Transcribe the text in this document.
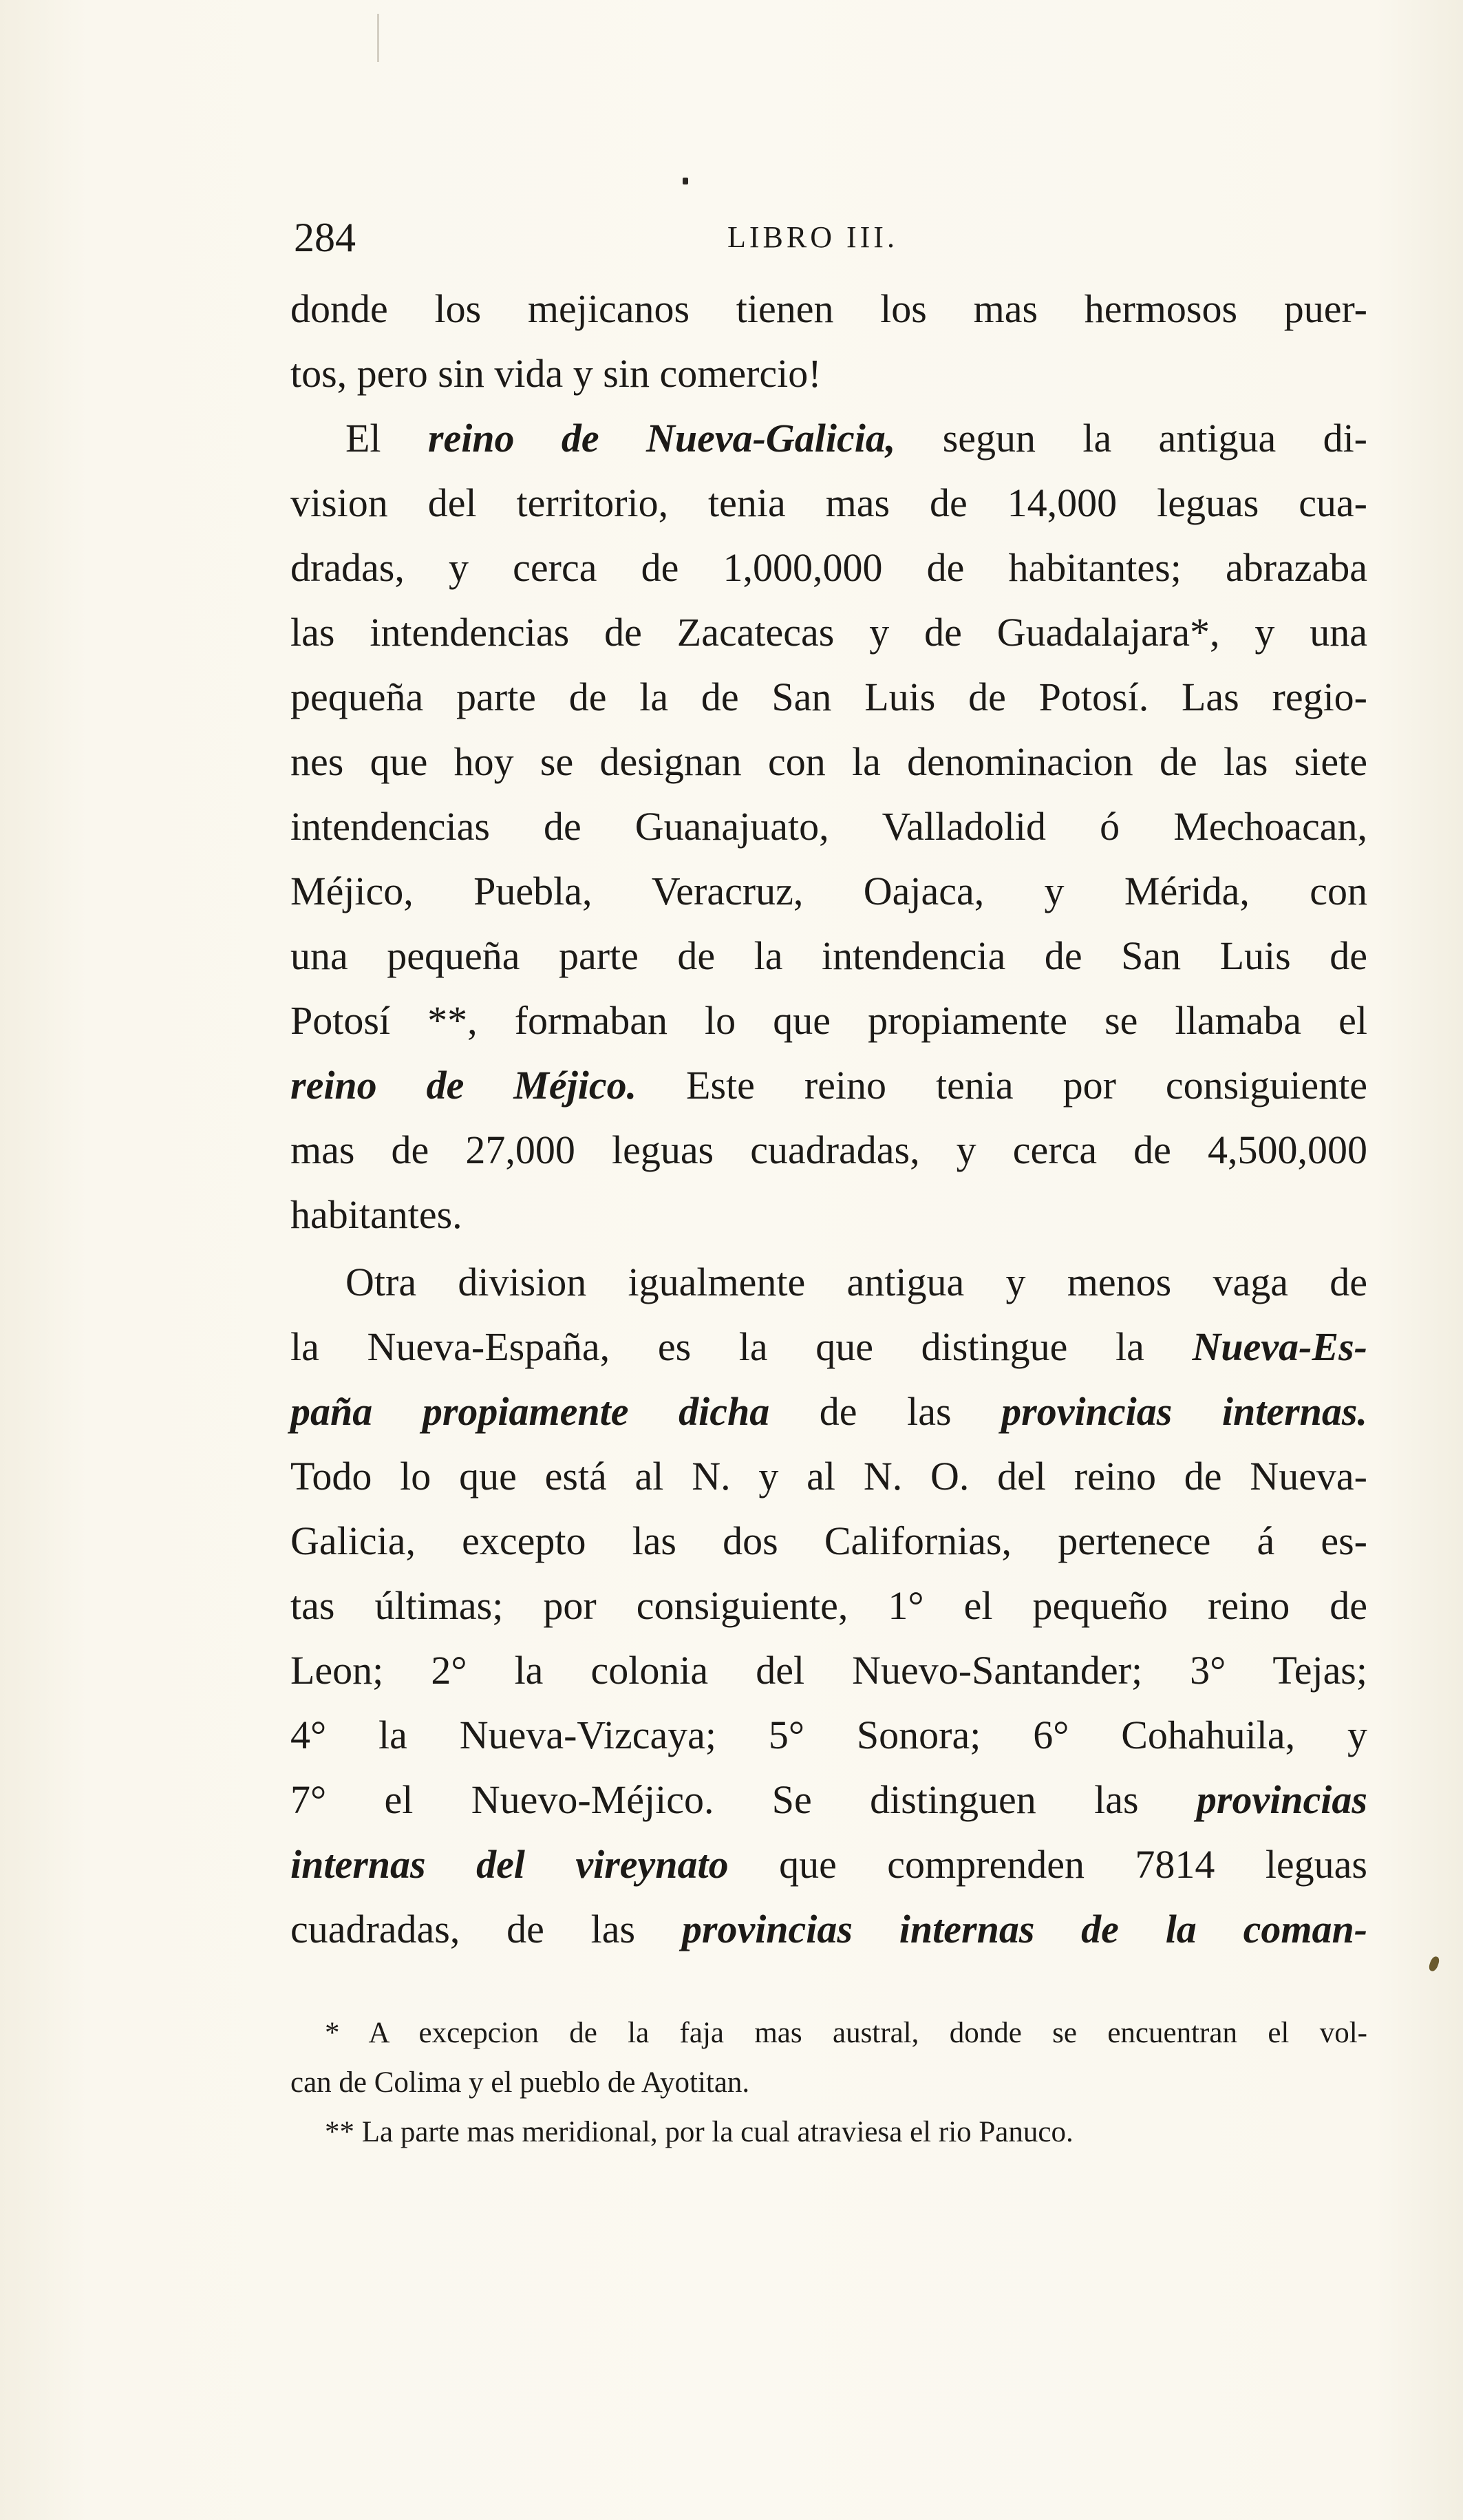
284	LIBRO III.
donde los mejicanos tienen los mas hermosos puer-
tos, pero sin vida y sin comercio!
El reino de Nueva-Galicia, segun la antigua di-
vision del territorio, tenia mas de 14,000 leguas cua-
dradas, y cerca de 1,000,000 de habitantes; abrazaba
las intendencias de Zacatecas y de Guadalajara*, y una
pequeña parte de la de San Luis de Potosí. Las regio-
nes que hoy se designan con la denominacion de las siete
intendencias de Guanajuato, Valladolid ó Mechoacan,
Méjico, Puebla, Veracruz, Oajaca, y Mérida, con
una pequeña parte de la intendencia de San Luis de
Potosí **, formaban lo que propiamente se llamaba el
reino de Méjico. Este reino tenia por consiguiente
mas de 27,000 leguas cuadradas, y cerca de 4,500,000
habitantes.
Otra division igualmente antigua y menos vaga de
la Nueva-España, es la que distingue la Nueva-Es-
paña propiamente dicha de las provincias internas.
Todo lo que está al N. y al N. O. del reino de Nueva-
Galicia, excepto las dos Californias, pertenece á es-
tas últimas; por consiguiente, 1° el pequeño reino de
Leon; 2° la colonia del Nuevo-Santander; 3° Tejas;
4° la Nueva-Vizcaya; 5° Sonora; 6° Cohahuila, y
7° el Nuevo-Méjico. Se distinguen las provincias
internas del vireynato que comprenden 7814 leguas
cuadradas, de las provincias internas de la coman-
* A excepcion de la faja mas austral, donde se encuentran el vol-
can de Colima y el pueblo de Ayotitan.
** La parte mas meridional, por la cual atraviesa el rio Panuco.
